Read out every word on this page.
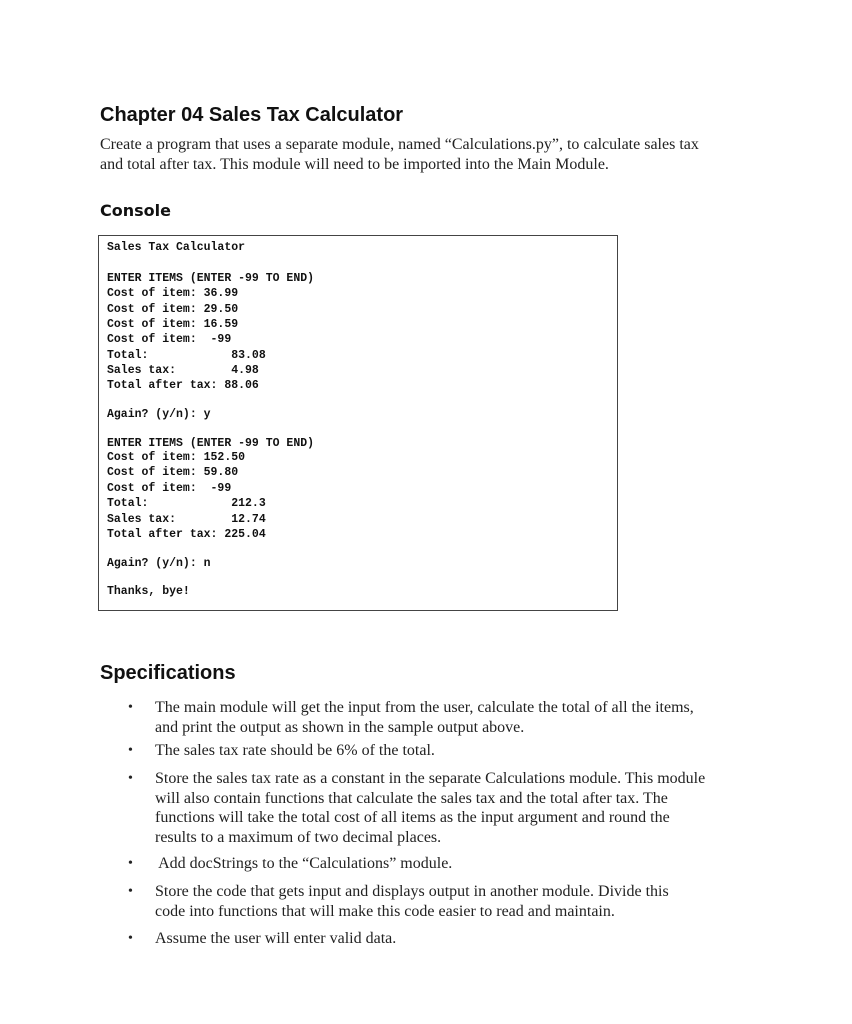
Chapter 04 Sales Tax Calculator

Create a program that uses a separate module, named “Calculations.py”, to calculate sales tax
and total after tax. This module will need to be imported into the Main Module.

Console
Sales Tax Calculator
ENTER ITEMS (ENTER -99 TO END)
Cost of item: 36.99
Cost of item: 29.50
Cost of item: 16.59
Cost of item:  -99
Total:            83.08
Sales tax:        4.98
Total after tax: 88.06
Again? (y/n): y
ENTER ITEMS (ENTER -99 TO END)
Cost of item: 152.50
Cost of item: 59.80
Cost of item:  -99
Total:            212.3
Sales tax:        12.74
Total after tax: 225.04
Again? (y/n): n
Thanks, bye!
Specifications
•	The main module will get the input from the user, calculate the total of all the items,
and print the output as shown in the sample output above.
•	The sales tax rate should be 6% of the total.
•	Store the sales tax rate as a constant in the separate Calculations module. This module
will also contain functions that calculate the sales tax and the total after tax. The
functions will take the total cost of all items as the input argument and round the
results to a maximum of two decimal places.
•	Add docStrings to the “Calculations” module.
•	Store the code that gets input and displays output in another module. Divide this
code into functions that will make this code easier to read and maintain.
•	Assume the user will enter valid data.
